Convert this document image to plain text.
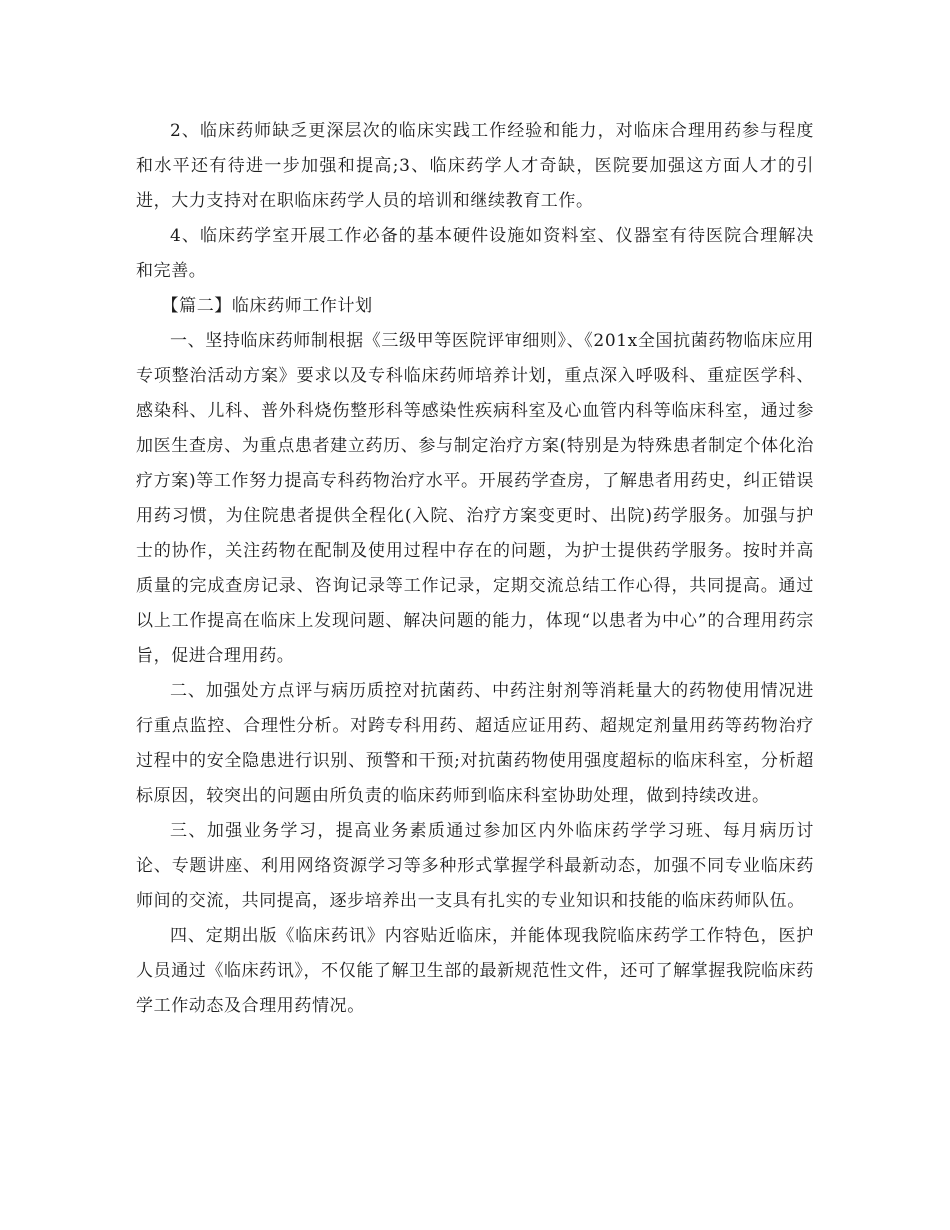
2、临床药师缺乏更深层次的临床实践工作经验和能力，对临床合理用药参与程度和水平还有待进一步加强和提高;3、临床药学人才奇缺，医院要加强这方面人才的引进，大力支持对在职临床药学人员的培训和继续教育工作。

4、临床药学室开展工作必备的基本硬件设施如资料室、仪器室有待医院合理解决和完善。

【篇二】临床药师工作计划

一、坚持临床药师制根据《三级甲等医院评审细则》、《201x全国抗菌药物临床应用专项整治活动方案》要求以及专科临床药师培养计划，重点深入呼吸科、重症医学科、感染科、儿科、普外科烧伤整形科等感染性疾病科室及心血管内科等临床科室，通过参加医生查房、为重点患者建立药历、参与制定治疗方案(特别是为特殊患者制定个体化治疗方案)等工作努力提高专科药物治疗水平。开展药学查房，了解患者用药史，纠正错误用药习惯，为住院患者提供全程化(入院、治疗方案变更时、出院)药学服务。加强与护士的协作，关注药物在配制及使用过程中存在的问题，为护士提供药学服务。按时并高质量的完成查房记录、咨询记录等工作记录，定期交流总结工作心得，共同提高。通过以上工作提高在临床上发现问题、解决问题的能力，体现“以患者为中心”的合理用药宗旨，促进合理用药。

二、加强处方点评与病历质控对抗菌药、中药注射剂等消耗量大的药物使用情况进行重点监控、合理性分析。对跨专科用药、超适应证用药、超规定剂量用药等药物治疗过程中的安全隐患进行识别、预警和干预;对抗菌药物使用强度超标的临床科室，分析超标原因，较突出的问题由所负责的临床药师到临床科室协助处理，做到持续改进。

三、加强业务学习，提高业务素质通过参加区内外临床药学学习班、每月病历讨论、专题讲座、利用网络资源学习等多种形式掌握学科最新动态，加强不同专业临床药师间的交流，共同提高，逐步培养出一支具有扎实的专业知识和技能的临床药师队伍。

四、定期出版《临床药讯》内容贴近临床，并能体现我院临床药学工作特色，医护人员通过《临床药讯》，不仅能了解卫生部的最新规范性文件，还可了解掌握我院临床药学工作动态及合理用药情况。
